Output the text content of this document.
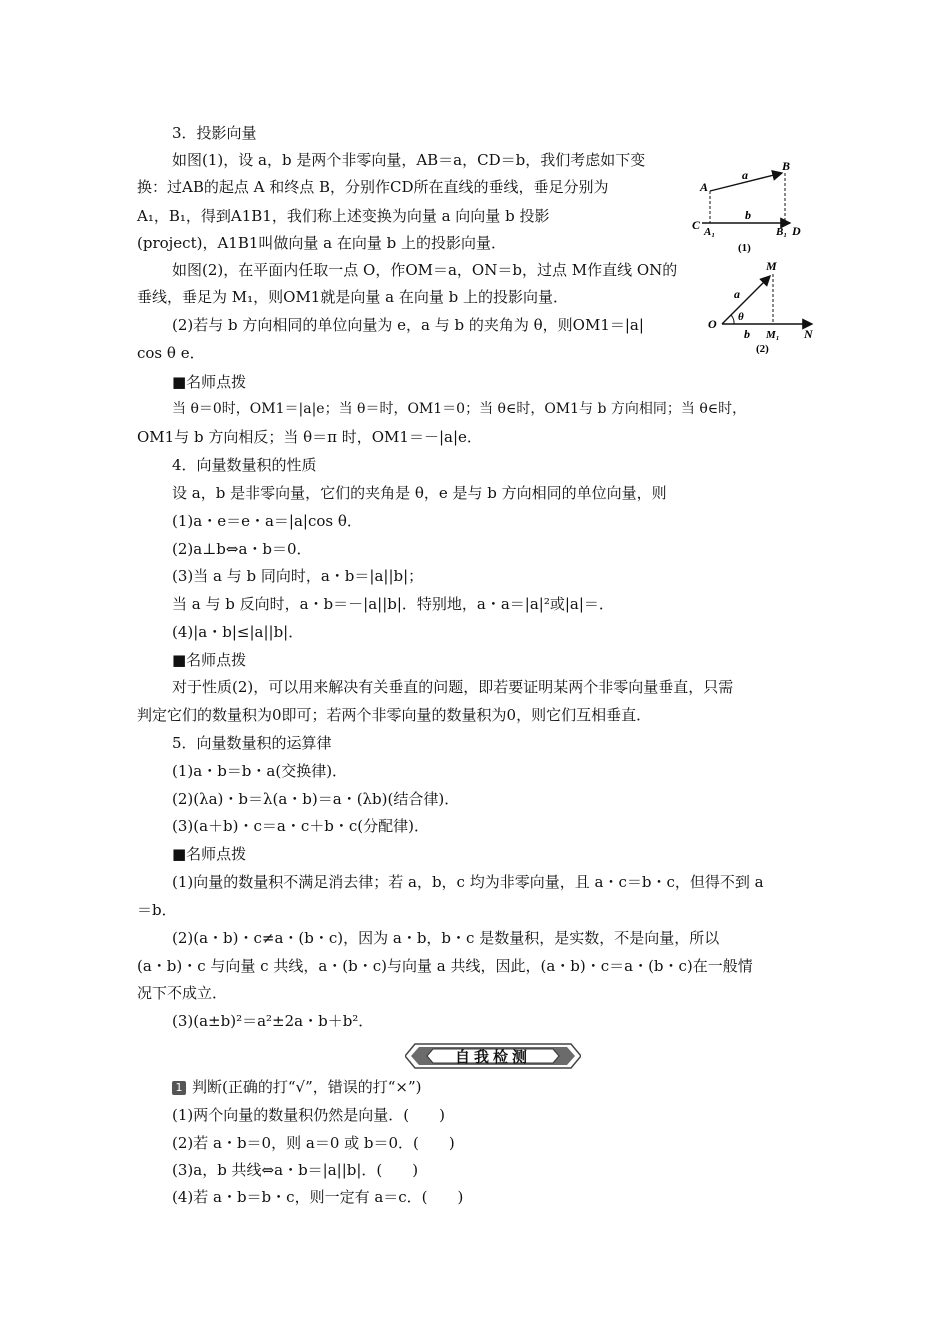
3．投影向量
如图(1)，设 a，b 是两个非零向量，AB＝a，CD＝b，我们考虑如下变
换：过AB的起点 A 和终点 B，分别作CD所在直线的垂线，垂足分别为
A₁，B₁，得到A1B1，我们称上述变换为向量 a 向向量 b 投影
(project)，A1B1叫做向量 a 在向量 b 上的投影向量．
如图(2)，在平面内任取一点 O，作OM＝a，ON＝b，过点 M作直线 ON的
垂线，垂足为 M₁，则OM1就是向量 a 在向量 b 上的投影向量．
(2)若与 b 方向相同的单位向量为 e，a 与 b 的夹角为 θ，则OM1＝|a|
cos θ e．
■名师点拨
当 θ＝0时，OM1＝|a|e；当 θ＝时，OM1＝0；当 θ∈时，OM1与 b 方向相同；当 θ∈时，
OM1与 b 方向相反；当 θ＝π 时，OM1＝－|a|e．
4．向量数量积的性质
设 a，b 是非零向量，它们的夹角是 θ，e 是与 b 方向相同的单位向量，则
(1)a・e＝e・a＝|a|cos θ．
(2)a⊥b⇔a・b＝0．
(3)当 a 与 b 同向时，a・b＝|a||b|；
当 a 与 b 反向时，a・b＝－|a||b|．特别地，a・a＝|a|²或|a|＝．
(4)|a・b|≤|a||b|．
■名师点拨
对于性质(2)，可以用来解决有关垂直的问题，即若要证明某两个非零向量垂直，只需
判定它们的数量积为0即可；若两个非零向量的数量积为0，则它们互相垂直．
5．向量数量积的运算律
(1)a・b＝b・a(交换律)．
(2)(λa)・b＝λ(a・b)＝a・(λb)(结合律)．
(3)(a＋b)・c＝a・c＋b・c(分配律)．
■名师点拨
(1)向量的数量积不满足消去律；若 a，b，c 均为非零向量，且 a・c＝b・c，但得不到 a
＝b．
(2)(a・b)・c≠a・(b・c)，因为 a・b，b・c 是数量积，是实数，不是向量，所以
(a・b)・c 与向量 c 共线，a・(b・c)与向量 a 共线，因此，(a・b)・c＝a・(b・c)在一般情
况下不成立．
(3)(a±b)²＝a²±2a・b＋b²．
自我检测
1 判断(正确的打“√”，错误的打“×”)
(1)两个向量的数量积仍然是向量．(　　)
(2)若 a・b＝0，则 a＝0 或 b＝0．(　　)
(3)a，b 共线⇔a・b＝|a||b|．(　　)
(4)若 a・b＝b・c，则一定有 a＝c．(　　)
A
B
a
C A₁
b
B₁ D
(1)
M
a
O θ
b M₁ N
(2)
